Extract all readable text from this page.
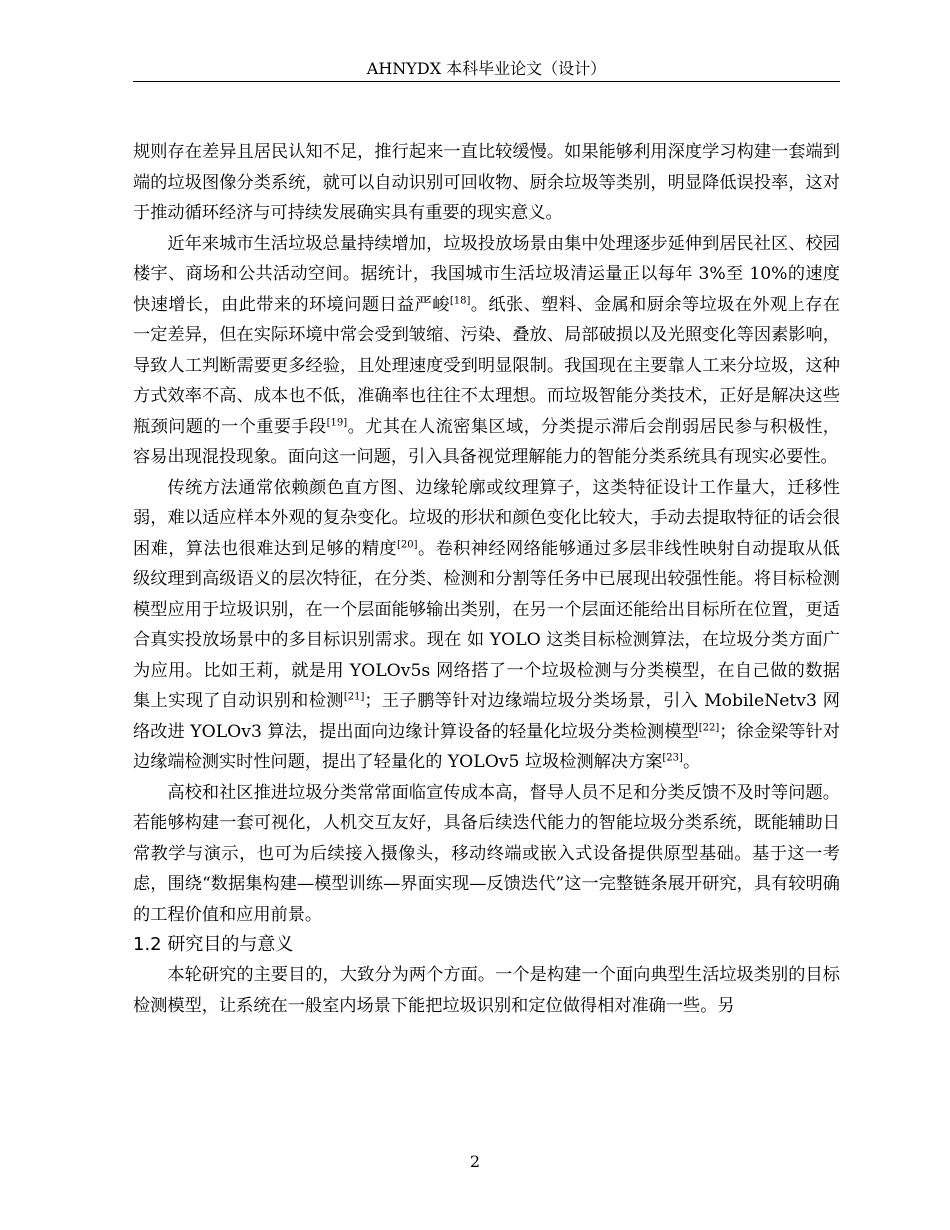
AHNYDX 本科毕业论文（设计）

规则存在差异且居民认知不足，推行起来一直比较缓慢。如果能够利用深度学习构建一套端到端的垃圾图像分类系统，就可以自动识别可回收物、厨余垃圾等类别，明显降低误投率，这对于推动循环经济与可持续发展确实具有重要的现实意义。

近年来城市生活垃圾总量持续增加，垃圾投放场景由集中处理逐步延伸到居民社区、校园楼宇、商场和公共活动空间。据统计，我国城市生活垃圾清运量正以每年 3%至 10%的速度快速增长，由此带来的环境问题日益严峻[18]。纸张、塑料、金属和厨余等垃圾在外观上存在一定差异，但在实际环境中常会受到皱缩、污染、叠放、局部破损以及光照变化等因素影响，导致人工判断需要更多经验，且处理速度受到明显限制。我国现在主要靠人工来分垃圾，这种方式效率不高、成本也不低，准确率也往往不太理想。而垃圾智能分类技术，正好是解决这些瓶颈问题的一个重要手段[19]。尤其在人流密集区域，分类提示滞后会削弱居民参与积极性，容易出现混投现象。面向这一问题，引入具备视觉理解能力的智能分类系统具有现实必要性。

传统方法通常依赖颜色直方图、边缘轮廓或纹理算子，这类特征设计工作量大，迁移性弱，难以适应样本外观的复杂变化。垃圾的形状和颜色变化比较大，手动去提取特征的话会很困难，算法也很难达到足够的精度[20]。卷积神经网络能够通过多层非线性映射自动提取从低级纹理到高级语义的层次特征，在分类、检测和分割等任务中已展现出较强性能。将目标检测模型应用于垃圾识别，在一个层面能够输出类别，在另一个层面还能给出目标所在位置，更适合真实投放场景中的多目标识别需求。现在 如 YOLO 这类目标检测算法，在垃圾分类方面广为应用。比如王莉，就是用 YOLOv5s 网络搭了一个垃圾检测与分类模型，在自己做的数据集上实现了自动识别和检测[21]；王子鹏等针对边缘端垃圾分类场景，引入 MobileNetv3 网络改进 YOLOv3 算法，提出面向边缘计算设备的轻量化垃圾分类检测模型[22]；徐金梁等针对边缘端检测实时性问题，提出了轻量化的 YOLOv5 垃圾检测解决方案[23]。

高校和社区推进垃圾分类常常面临宣传成本高，督导人员不足和分类反馈不及时等问题。若能够构建一套可视化，人机交互友好，具备后续迭代能力的智能垃圾分类系统，既能辅助日常教学与演示，也可为后续接入摄像头，移动终端或嵌入式设备提供原型基础。基于这一考虑，围绕“数据集构建—模型训练—界面实现—反馈迭代”这一完整链条展开研究，具有较明确的工程价值和应用前景。

1.2 研究目的与意义

本轮研究的主要目的，大致分为两个方面。一个是构建一个面向典型生活垃圾类别的目标检测模型，让系统在一般室内场景下能把垃圾识别和定位做得相对准确一些。另

2
